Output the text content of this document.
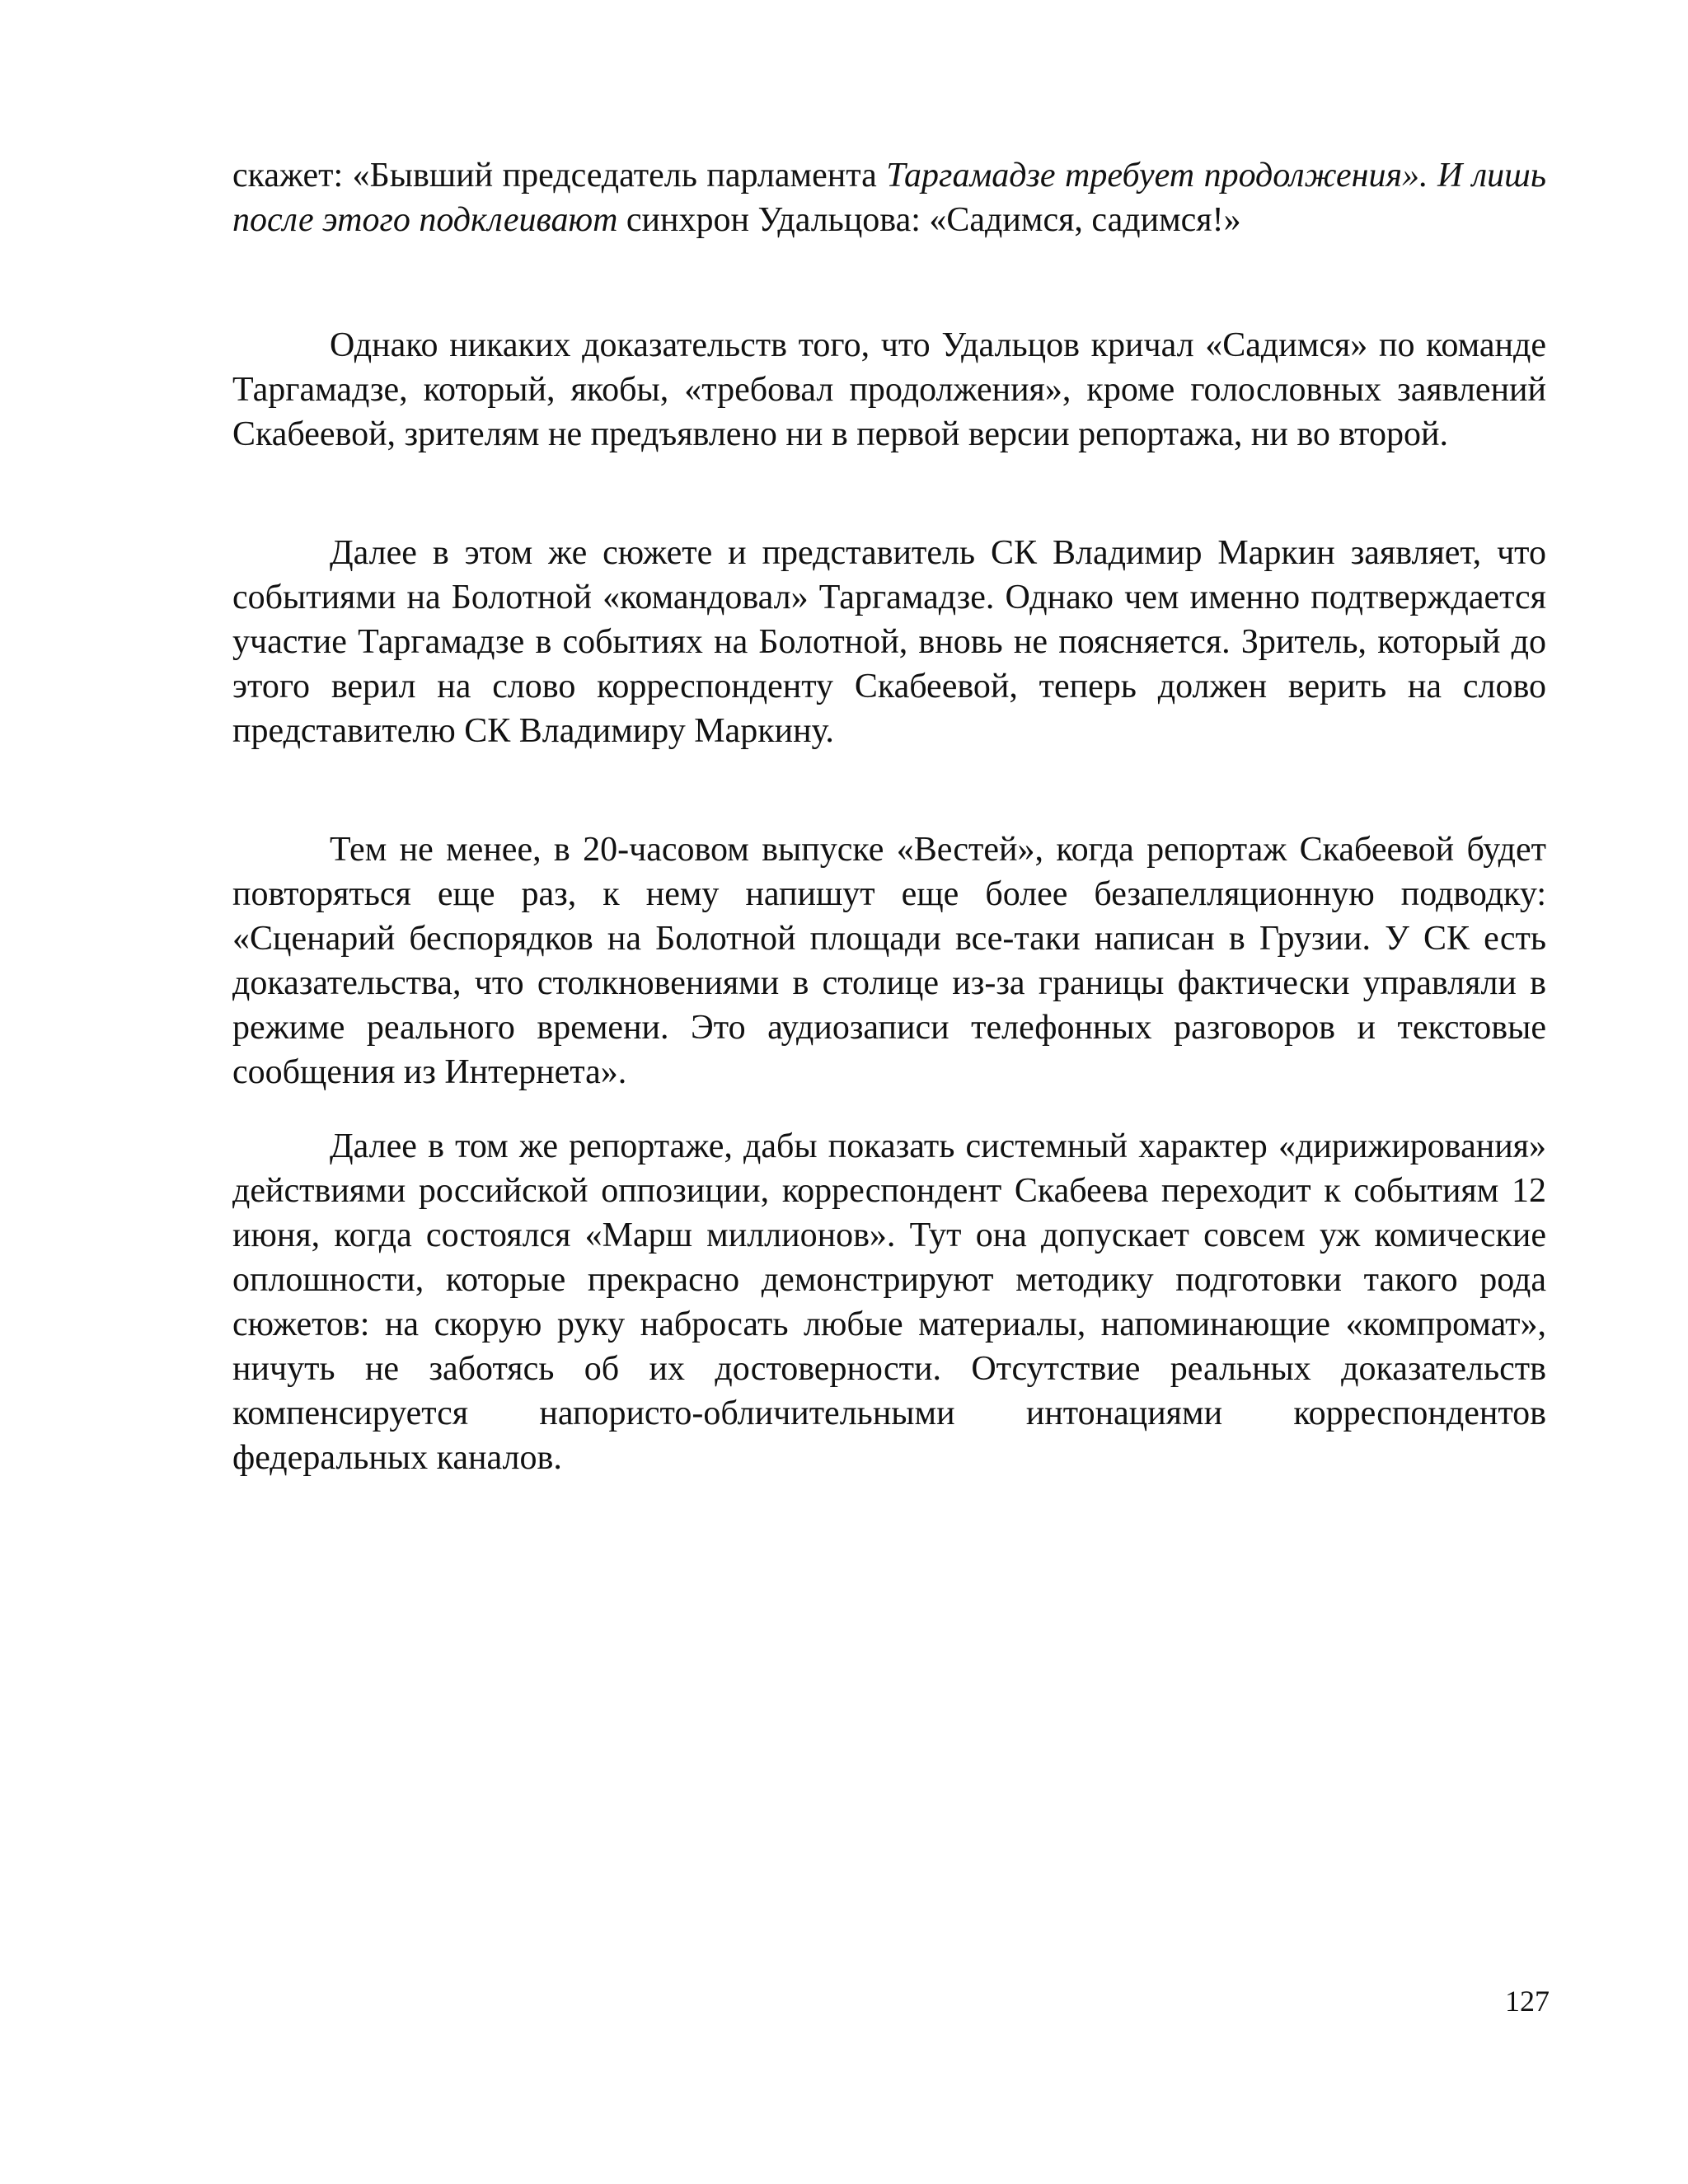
скажет: «Бывший председатель парламента Таргамадзе требует продолжения». И лишь после этого подклеивают синхрон Удальцова: «Садимся, садимся!»
Однако никаких доказательств того, что Удальцов кричал «Садимся» по команде Таргамадзе, который, якобы, «требовал продолжения», кроме голословных заявлений Скабеевой, зрителям не предъявлено ни в первой версии репортажа, ни во второй.
Далее в этом же сюжете и представитель СК Владимир Маркин заявляет, что событиями на Болотной «командовал» Таргамадзе. Однако чем именно подтверждается участие Таргамадзе в событиях на Болотной, вновь не поясняется. Зритель, который до этого верил на слово корреспонденту Скабеевой, теперь должен верить на слово представителю СК Владимиру Маркину.
Тем не менее, в 20-часовом выпуске «Вестей», когда репортаж Скабеевой будет повторяться еще раз, к нему напишут еще более безапелляционную подводку: «Сценарий беспорядков на Болотной площади все-таки написан в Грузии. У СК есть доказательства, что столкновениями в столице из-за границы фактически управляли в режиме реального времени. Это аудиозаписи телефонных разговоров и текстовые сообщения из Интернета».
Далее в том же репортаже, дабы показать системный характер «дирижирования» действиями российской оппозиции, корреспондент Скабеева переходит к событиям 12 июня, когда состоялся «Марш миллионов». Тут она допускает совсем уж комические оплошности, которые прекрасно демонстрируют методику подготовки такого рода сюжетов: на скорую руку набросать любые материалы, напоминающие «компромат», ничуть не заботясь об их достоверности. Отсутствие реальных доказательств компенсируется напористо-обличительными интонациями корреспондентов федеральных каналов.
127
